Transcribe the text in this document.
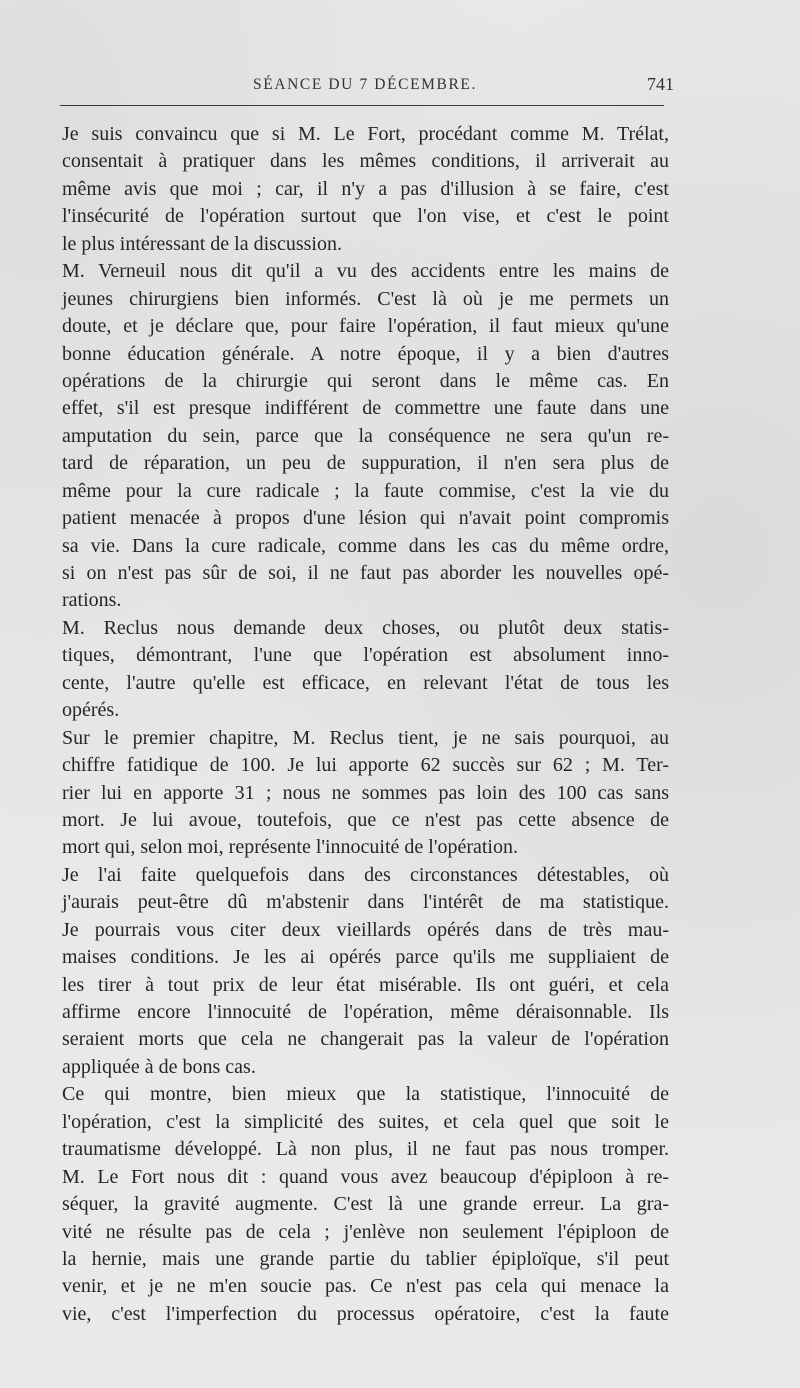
SÉANCE DU 7 DÉCEMBRE.	741

Je suis convaincu que si M. Le Fort, procédant comme M. Trélat,
consentait à pratiquer dans les mêmes conditions, il arriverait au
même avis que moi ; car, il n'y a pas d'illusion à se faire, c'est
l'insécurité de l'opération surtout que l'on vise, et c'est le point
le plus intéressant de la discussion.

M. Verneuil nous dit qu'il a vu des accidents entre les mains de
jeunes chirurgiens bien informés. C'est là où je me permets un
doute, et je déclare que, pour faire l'opération, il faut mieux qu'une
bonne éducation générale. A notre époque, il y a bien d'autres
opérations de la chirurgie qui seront dans le même cas. En
effet, s'il est presque indifférent de commettre une faute dans une
amputation du sein, parce que la conséquence ne sera qu'un re-
tard de réparation, un peu de suppuration, il n'en sera plus de
même pour la cure radicale ; la faute commise, c'est la vie du
patient menacée à propos d'une lésion qui n'avait point compromis
sa vie. Dans la cure radicale, comme dans les cas du même ordre,
si on n'est pas sûr de soi, il ne faut pas aborder les nouvelles opé-
rations.

M. Reclus nous demande deux choses, ou plutôt deux statis-
tiques, démontrant, l'une que l'opération est absolument inno-
cente, l'autre qu'elle est efficace, en relevant l'état de tous les
opérés.

Sur le premier chapitre, M. Reclus tient, je ne sais pourquoi, au
chiffre fatidique de 100. Je lui apporte 62 succès sur 62 ; M. Ter-
rier lui en apporte 31 ; nous ne sommes pas loin des 100 cas sans
mort. Je lui avoue, toutefois, que ce n'est pas cette absence de
mort qui, selon moi, représente l'innocuité de l'opération.

Je l'ai faite quelquefois dans des circonstances détestables, où
j'aurais peut-être dû m'abstenir dans l'intérêt de ma statistique.
Je pourrais vous citer deux vieillards opérés dans de très mau-
maises conditions. Je les ai opérés parce qu'ils me suppliaient de
les tirer à tout prix de leur état misérable. Ils ont guéri, et cela
affirme encore l'innocuité de l'opération, même déraisonnable. Ils
seraient morts que cela ne changerait pas la valeur de l'opération
appliquée à de bons cas.

Ce qui montre, bien mieux que la statistique, l'innocuité de
l'opération, c'est la simplicité des suites, et cela quel que soit le
traumatisme développé. Là non plus, il ne faut pas nous tromper.
M. Le Fort nous dit : quand vous avez beaucoup d'épiploon à re-
séquer, la gravité augmente. C'est là une grande erreur. La gra-
vité ne résulte pas de cela ; j'enlève non seulement l'épiploon de
la hernie, mais une grande partie du tablier épiploïque, s'il peut
venir, et je ne m'en soucie pas. Ce n'est pas cela qui menace la
vie, c'est l'imperfection du processus opératoire, c'est la faute
